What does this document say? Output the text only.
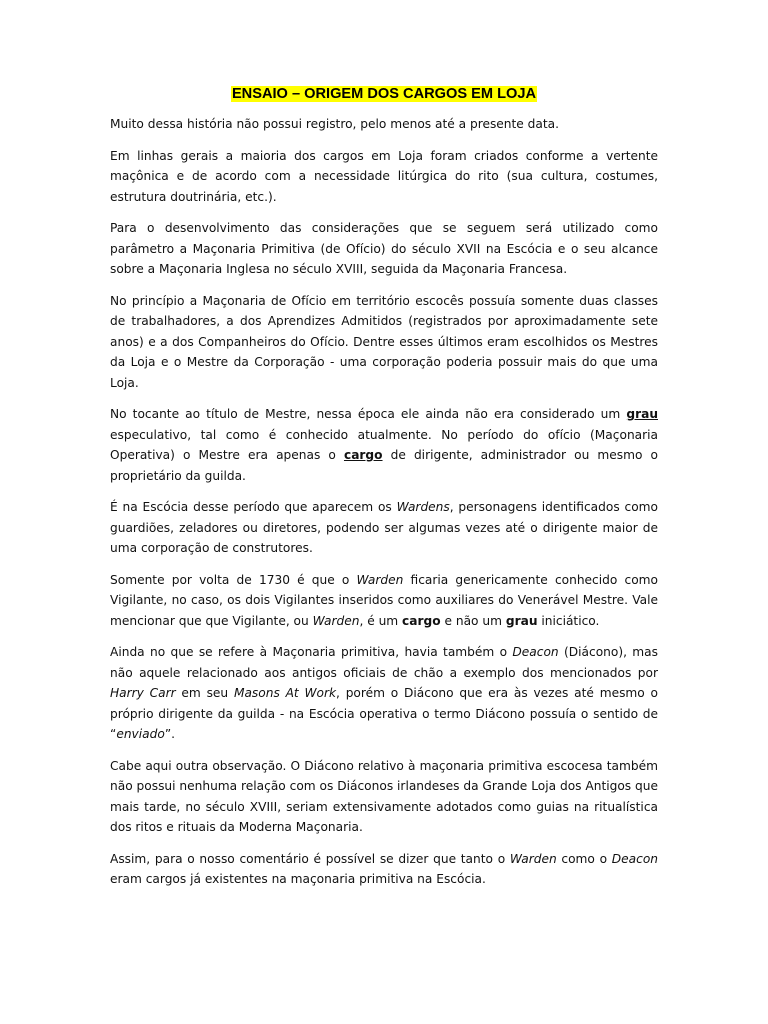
ENSAIO – ORIGEM DOS CARGOS EM LOJA

Muito dessa história não possui registro, pelo menos até a presente data.

Em linhas gerais a maioria dos cargos em Loja foram criados conforme a vertente maçônica e de acordo com a necessidade litúrgica do rito (sua cultura, costumes, estrutura doutrinária, etc.).

Para o desenvolvimento das considerações que se seguem será utilizado como parâmetro a Maçonaria Primitiva (de Ofício) do século XVII na Escócia e o seu alcance sobre a Maçonaria Inglesa no século XVIII, seguida da Maçonaria Francesa.

No princípio a Maçonaria de Ofício em território escocês possuía somente duas classes de trabalhadores, a dos Aprendizes Admitidos (registrados por aproximadamente sete anos) e a dos Companheiros do Ofício. Dentre esses últimos eram escolhidos os Mestres da Loja e o Mestre da Corporação - uma corporação poderia possuir mais do que uma Loja.

No tocante ao título de Mestre, nessa época ele ainda não era considerado um grau especulativo, tal como é conhecido atualmente. No período do ofício (Maçonaria Operativa) o Mestre era apenas o cargo de dirigente, administrador ou mesmo o proprietário da guilda.

É na Escócia desse período que aparecem os Wardens, personagens identificados como guardiões, zeladores ou diretores, podendo ser algumas vezes até o dirigente maior de uma corporação de construtores.

Somente por volta de 1730 é que o Warden ficaria genericamente conhecido como Vigilante, no caso, os dois Vigilantes inseridos como auxiliares do Venerável Mestre. Vale mencionar que que Vigilante, ou Warden, é um cargo e não um grau iniciático.

Ainda no que se refere à Maçonaria primitiva, havia também o Deacon (Diácono), mas não aquele relacionado aos antigos oficiais de chão a exemplo dos mencionados por Harry Carr em seu Masons At Work, porém o Diácono que era às vezes até mesmo o próprio dirigente da guilda - na Escócia operativa o termo Diácono possuía o sentido de “enviado”.

Cabe aqui outra observação. O Diácono relativo à maçonaria primitiva escocesa também não possui nenhuma relação com os Diáconos irlandeses da Grande Loja dos Antigos que mais tarde, no século XVIII, seriam extensivamente adotados como guias na ritualística dos ritos e rituais da Moderna Maçonaria.

Assim, para o nosso comentário é possível se dizer que tanto o Warden como o Deacon eram cargos já existentes na maçonaria primitiva na Escócia.
